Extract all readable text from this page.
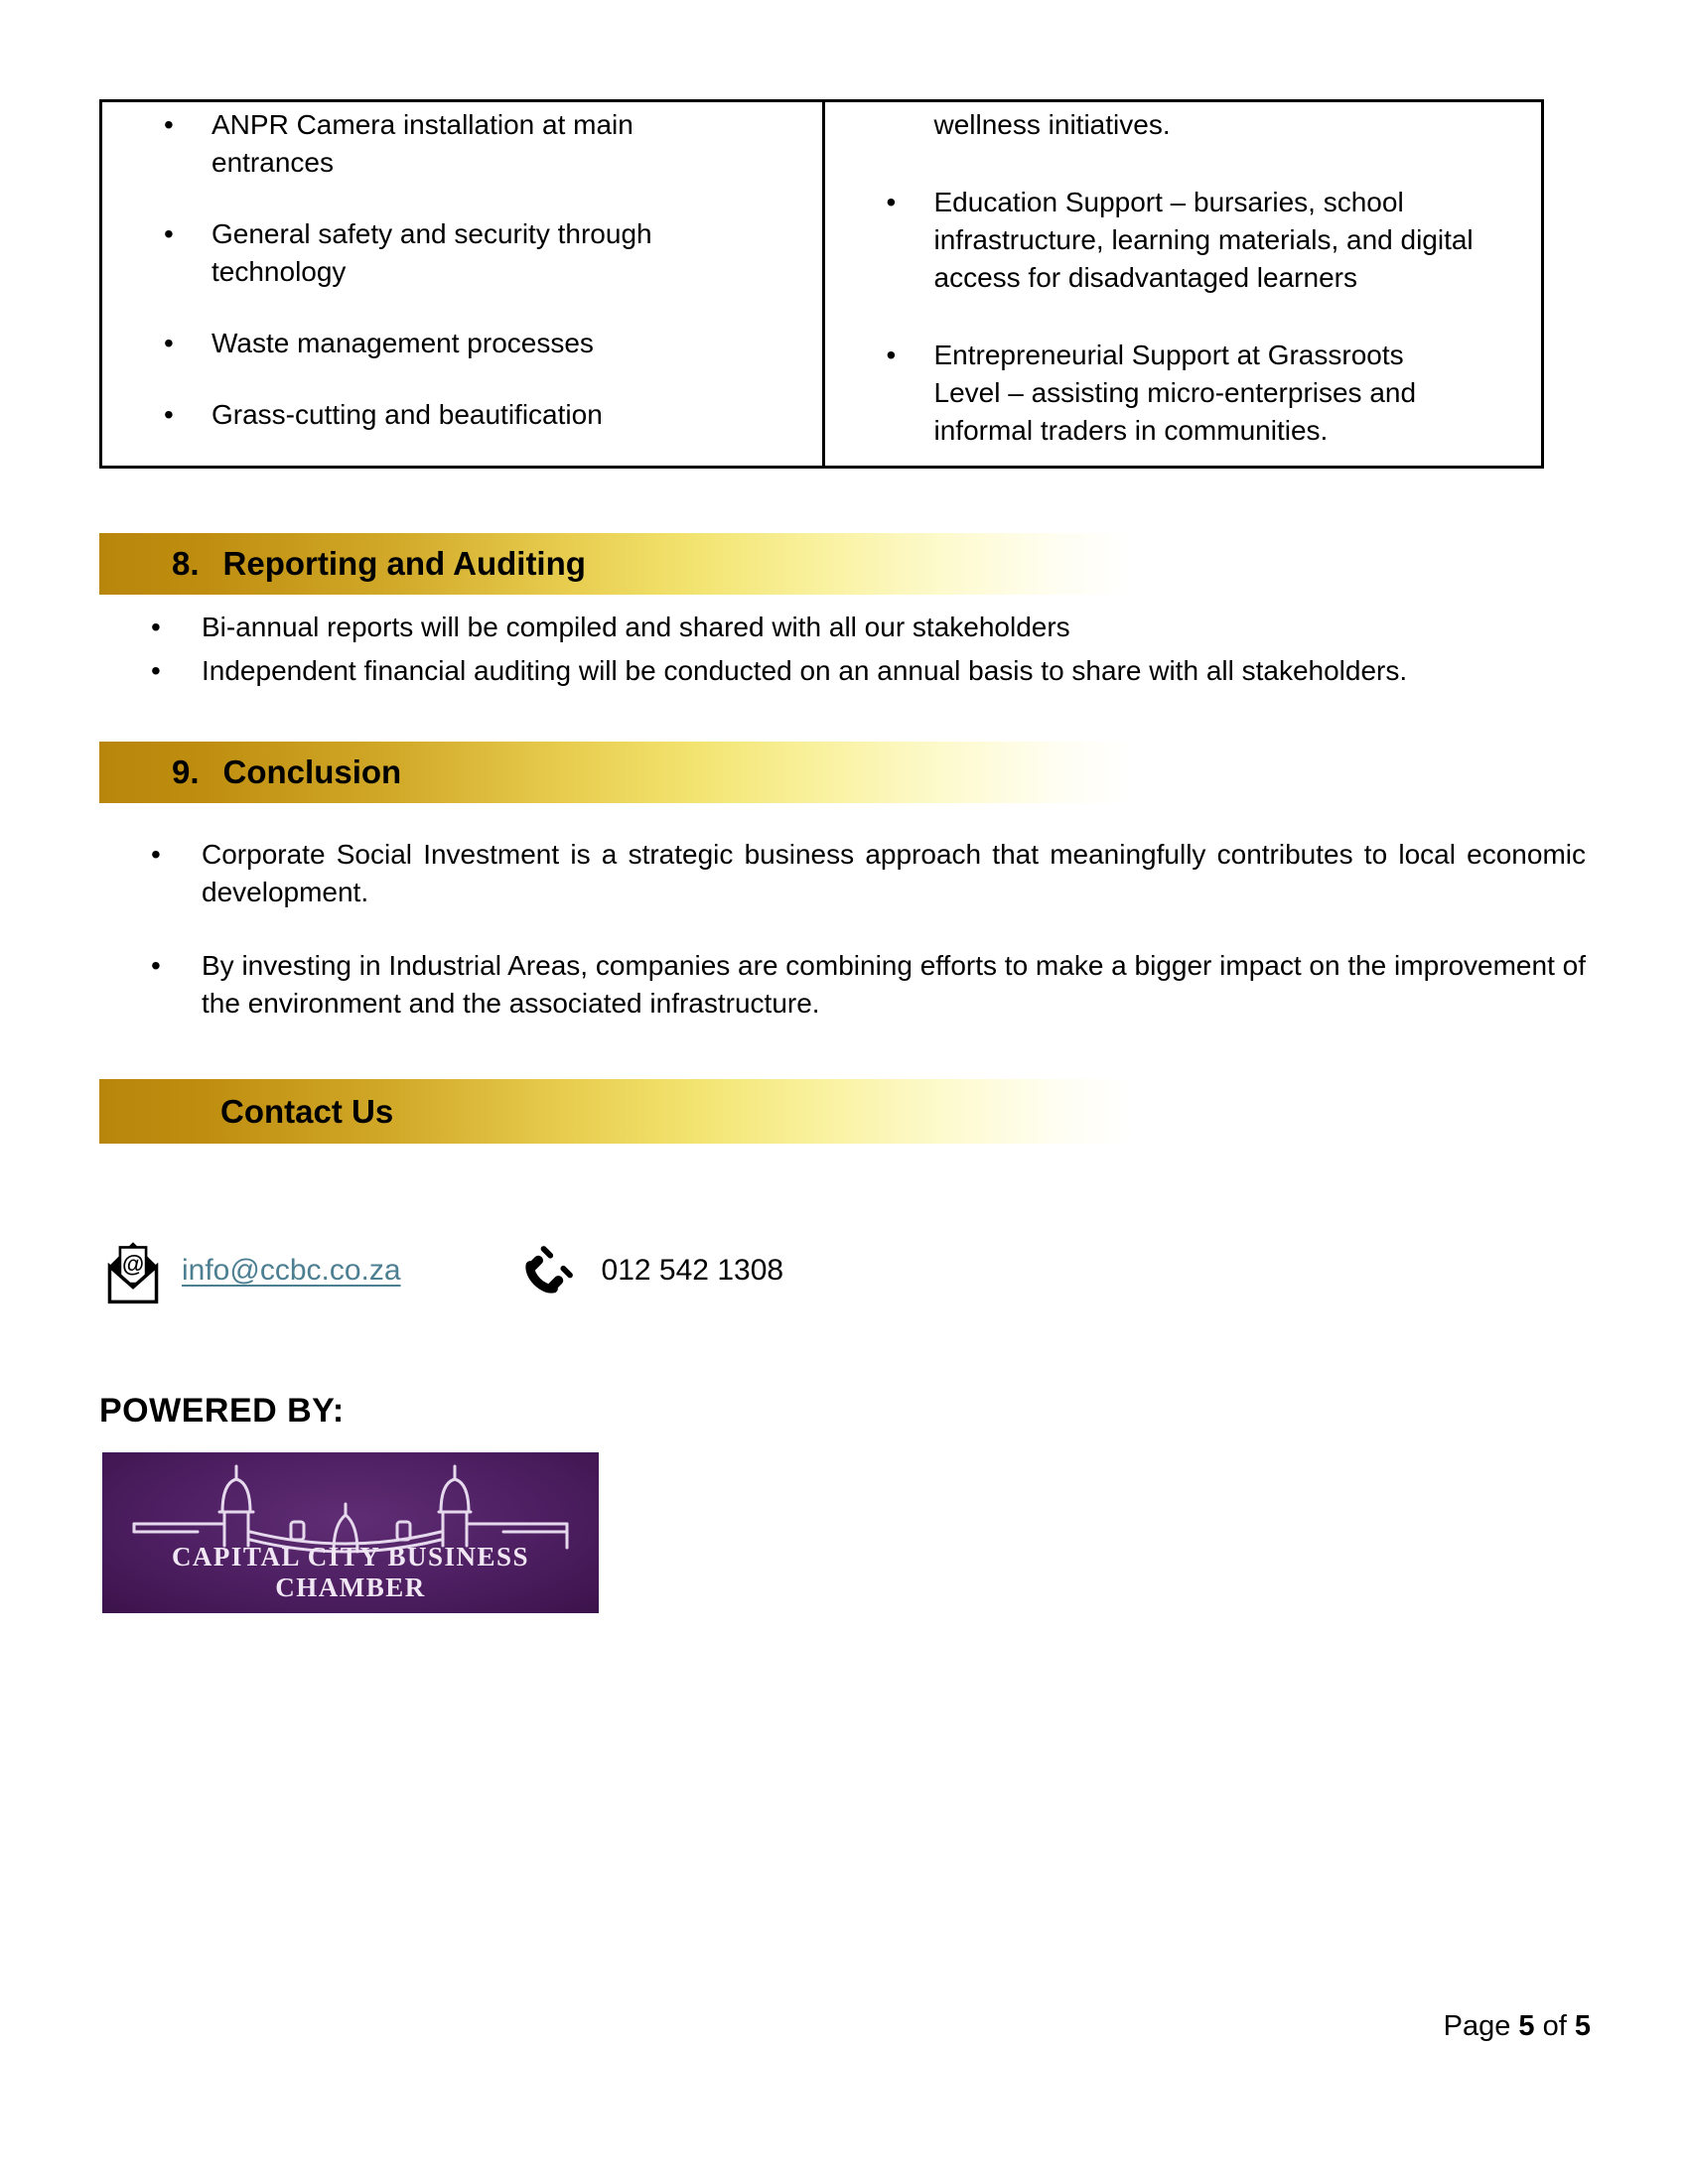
• ANPR Camera installation at main
entrances
• General safety and security through
technology
• Waste management processes
• Grass-cutting and beautification
wellness initiatives.
• Education Support – bursaries, school
infrastructure, learning materials, and digital
access for disadvantaged learners
• Entrepreneurial Support at Grassroots
Level – assisting micro-enterprises and
informal traders in communities.
8. Reporting and Auditing
• Bi-annual reports will be compiled and shared with all our stakeholders
• Independent financial auditing will be conducted on an annual basis to share with all stakeholders.
9. Conclusion
• Corporate Social Investment is a strategic business approach that meaningfully contributes to local economic development.
• By investing in Industrial Areas, companies are combining efforts to make a bigger impact on the improvement of the environment and the associated infrastructure.
Contact Us
@ info@ccbc.co.za	012 542 1308
POWERED BY:
CAPITAL CITY BUSINESS CHAMBER
Page 5 of 5
